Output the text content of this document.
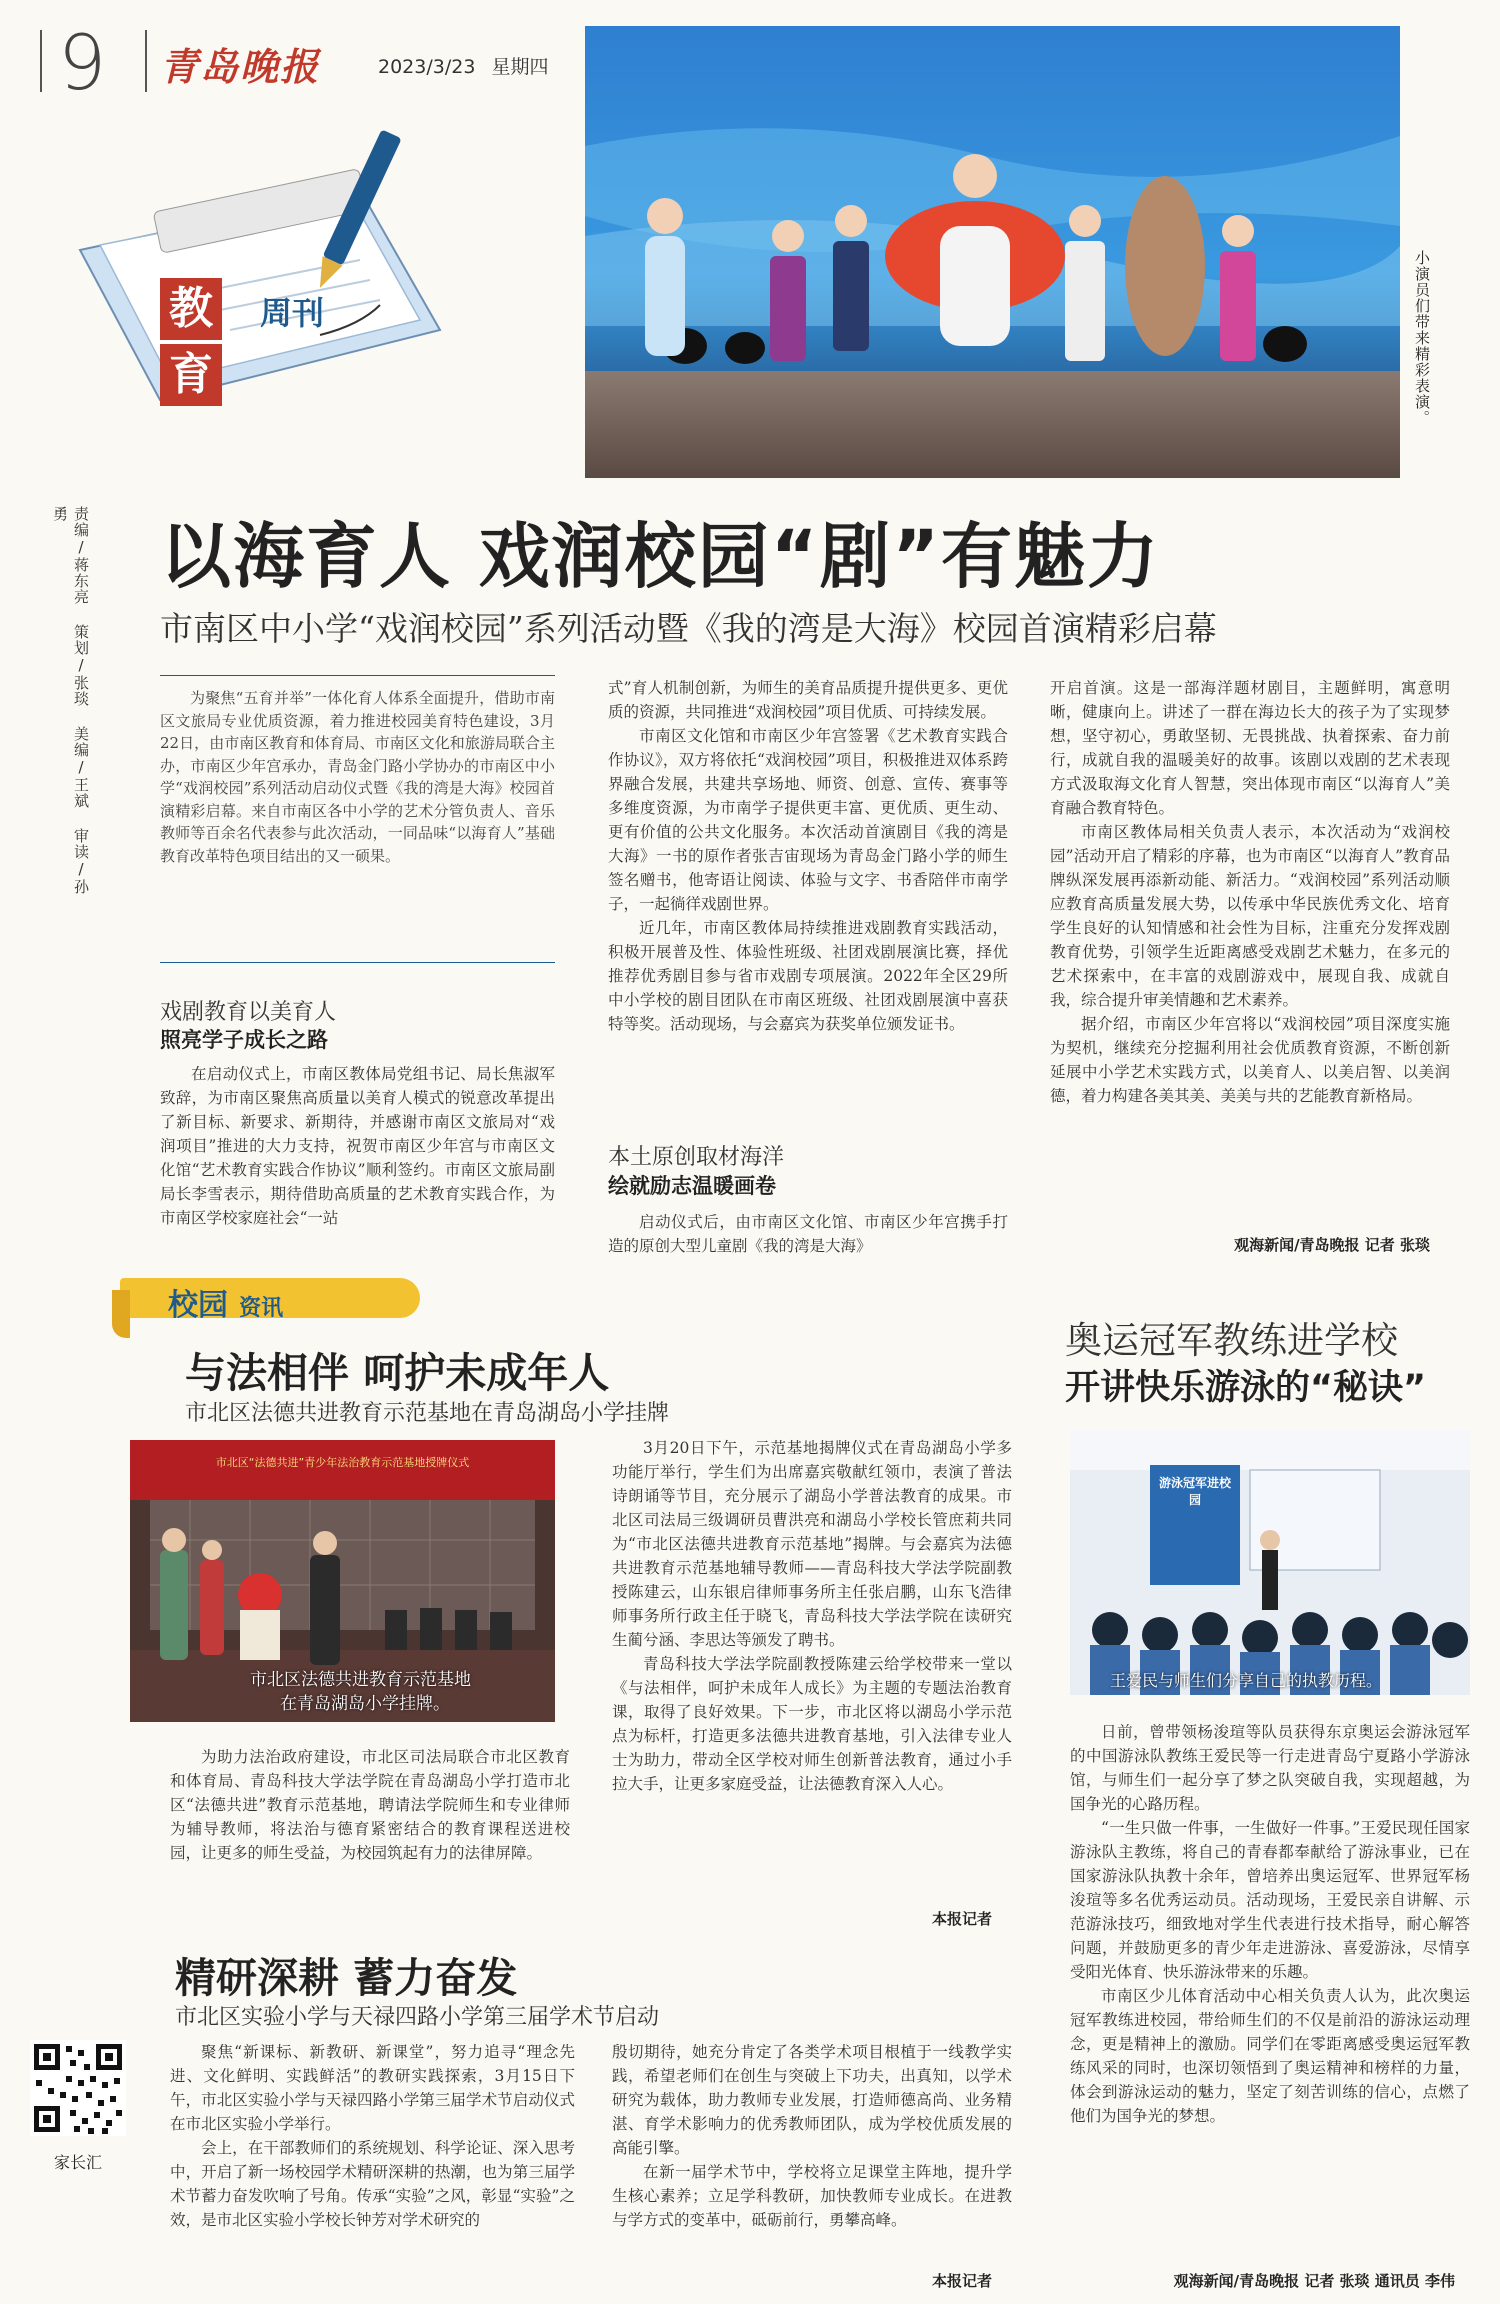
9 青岛晚报	2023/3/23 星期四
教
育
周刊	小演员们带来精彩表演。
责编/蒋东亮 策划/张琰 美编/王斌 审读/孙勇
以海育人 戏润校园“剧”有魅力
市南区中小学“戏润校园”系列活动暨《我的湾是大海》校园首演精彩启幕

为聚焦“五育并举”一体化育人体系全面提升，借助市南区文旅局专业优质资源，着力推进校园美育特色建设，3月22日，由市南区教育和体育局、市南区文化和旅游局联合主办，市南区少年宫承办，青岛金门路小学协办的市南区中小学“戏润校园”系列活动启动仪式暨《我的湾是大海》校园首演精彩启幕。来自市南区各中小学的艺术分管负责人、音乐教师等百余名代表参与此次活动，一同品味“以海育人”基础教育改革特色项目结出的又一硕果。

戏剧教育以美育人
照亮学子成长之路

在启动仪式上，市南区教体局党组书记、局长焦淑军致辞，为市南区聚焦高质量以美育人模式的锐意改革提出了新目标、新要求、新期待，并感谢市南区文旅局对“戏润项目”推进的大力支持，祝贺市南区少年宫与市南区文化馆“艺术教育实践合作协议”顺利签约。市南区文旅局副局长李雪表示，期待借助高质量的艺术教育实践合作，为市南区学校家庭社会“一站

式”育人机制创新，为师生的美育品质提升提供更多、更优质的资源，共同推进“戏润校园”项目优质、可持续发展。

市南区文化馆和市南区少年宫签署《艺术教育实践合作协议》，双方将依托“戏润校园”项目，积极推进双体系跨界融合发展，共建共享场地、师资、创意、宣传、赛事等多维度资源，为市南学子提供更丰富、更优质、更生动、更有价值的公共文化服务。本次活动首演剧目《我的湾是大海》一书的原作者张吉宙现场为青岛金门路小学的师生签名赠书，他寄语让阅读、体验与文字、书香陪伴市南学子，一起徜徉戏剧世界。

近几年，市南区教体局持续推进戏剧教育实践活动，积极开展普及性、体验性班级、社团戏剧展演比赛，择优推荐优秀剧目参与省市戏剧专项展演。2022年全区29所中小学校的剧目团队在市南区班级、社团戏剧展演中喜获特等奖。活动现场，与会嘉宾为获奖单位颁发证书。

本土原创取材海洋
绘就励志温暖画卷

启动仪式后，由市南区文化馆、市南区少年宫携手打造的原创大型儿童剧《我的湾是大海》

开启首演。这是一部海洋题材剧目，主题鲜明，寓意明晰，健康向上。讲述了一群在海边长大的孩子为了实现梦想，坚守初心，勇敢坚韧、无畏挑战、执着探索、奋力前行，成就自我的温暖美好的故事。该剧以戏剧的艺术表现方式汲取海文化育人智慧，突出体现市南区“以海育人”美育融合教育特色。

市南区教体局相关负责人表示，本次活动为“戏润校园”活动开启了精彩的序幕，也为市南区“以海育人”教育品牌纵深发展再添新动能、新活力。“戏润校园”系列活动顺应教育高质量发展大势，以传承中华民族优秀文化、培育学生良好的认知情感和社会性为目标，注重充分发挥戏剧教育优势，引领学生近距离感受戏剧艺术魅力，在多元的艺术探索中，在丰富的戏剧游戏中，展现自我、成就自我，综合提升审美情趣和艺术素养。

据介绍，市南区少年宫将以“戏润校园”项目深度实施为契机，继续充分挖掘利用社会优质教育资源，不断创新延展中小学艺术实践方式，以美育人、以美启智、以美润德，着力构建各美其美、美美与共的艺能教育新格局。

观海新闻/青岛晚报 记者 张琰
校园 资讯
与法相伴 呵护未成年人
市北区法德共进教育示范基地在青岛湖岛小学挂牌
市北区“法德共进”青少年法治教育示范基地授牌仪式
市北区法德共进教育示范基地
在青岛湖岛小学挂牌。

为助力法治政府建设，市北区司法局联合市北区教育和体育局、青岛科技大学法学院在青岛湖岛小学打造市北区“法德共进”教育示范基地，聘请法学院师生和专业律师为辅导教师，将法治与德育紧密结合的教育课程送进校园，让更多的师生受益，为校园筑起有力的法律屏障。

3月20日下午，示范基地揭牌仪式在青岛湖岛小学多功能厅举行，学生们为出席嘉宾敬献红领巾，表演了普法诗朗诵等节目，充分展示了湖岛小学普法教育的成果。市北区司法局三级调研员曹洪亮和湖岛小学校长管庶莉共同为“市北区法德共进教育示范基地”揭牌。与会嘉宾为法德共进教育示范基地辅导教师——青岛科技大学法学院副教授陈建云，山东银启律师事务所主任张启鹏，山东飞浩律师事务所行政主任于晓飞，青岛科技大学法学院在读研究生蔺兮涵、李思达等颁发了聘书。

青岛科技大学法学院副教授陈建云给学校带来一堂以《与法相伴，呵护未成年人成长》为主题的专题法治教育课，取得了良好效果。下一步，市北区将以湖岛小学示范点为标杆，打造更多法德共进教育基地，引入法律专业人士为助力，带动全区学校对师生创新普法教育，通过小手拉大手，让更多家庭受益，让法德教育深入人心。

本报记者
精研深耕 蓄力奋发
市北区实验小学与天禄四路小学第三届学术节启动

聚焦“新课标、新教研、新课堂”，努力追寻“理念先进、文化鲜明、实践鲜活”的教研实践探索，3月15日下午，市北区实验小学与天禄四路小学第三届学术节启动仪式在市北区实验小学举行。

会上，在干部教师们的系统规划、科学论证、深入思考中，开启了新一场校园学术精研深耕的热潮，也为第三届学术节蓄力奋发吹响了号角。传承“实验”之风，彰显“实验”之效，是市北区实验小学校长钟芳对学术研究的

殷切期待，她充分肯定了各类学术项目根植于一线教学实践，希望老师们在创生与突破上下功夫，出真知，以学术研究为载体，助力教师专业发展，打造师德高尚、业务精湛、育学术影响力的优秀教师团队，成为学校优质发展的高能引擎。

在新一届学术节中，学校将立足课堂主阵地，提升学生核心素养；立足学科教研，加快教师专业成长。在进教与学方式的变革中，砥砺前行，勇攀高峰。

本报记者
奥运冠军教练进学校
开讲快乐游泳的“秘诀”
游泳冠军进校园
王爱民与师生们分享自己的执教历程。

日前，曾带领杨浚瑄等队员获得东京奥运会游泳冠军的中国游泳队教练王爱民等一行走进青岛宁夏路小学游泳馆，与师生们一起分享了梦之队突破自我，实现超越，为国争光的心路历程。

“一生只做一件事，一生做好一件事。”王爱民现任国家游泳队主教练，将自己的青春都奉献给了游泳事业，已在国家游泳队执教十余年，曾培养出奥运冠军、世界冠军杨浚瑄等多名优秀运动员。活动现场，王爱民亲自讲解、示范游泳技巧，细致地对学生代表进行技术指导，耐心解答问题，并鼓励更多的青少年走进游泳、喜爱游泳，尽情享受阳光体育、快乐游泳带来的乐趣。

市南区少儿体育活动中心相关负责人认为，此次奥运冠军教练进校园，带给师生们的不仅是前沿的游泳运动理念，更是精神上的激励。同学们在零距离感受奥运冠军教练风采的同时，也深切领悟到了奥运精神和榜样的力量，体会到游泳运动的魅力，坚定了刻苦训练的信心，点燃了他们为国争光的梦想。

观海新闻/青岛晚报 记者 张琰 通讯员 李伟
家长汇
